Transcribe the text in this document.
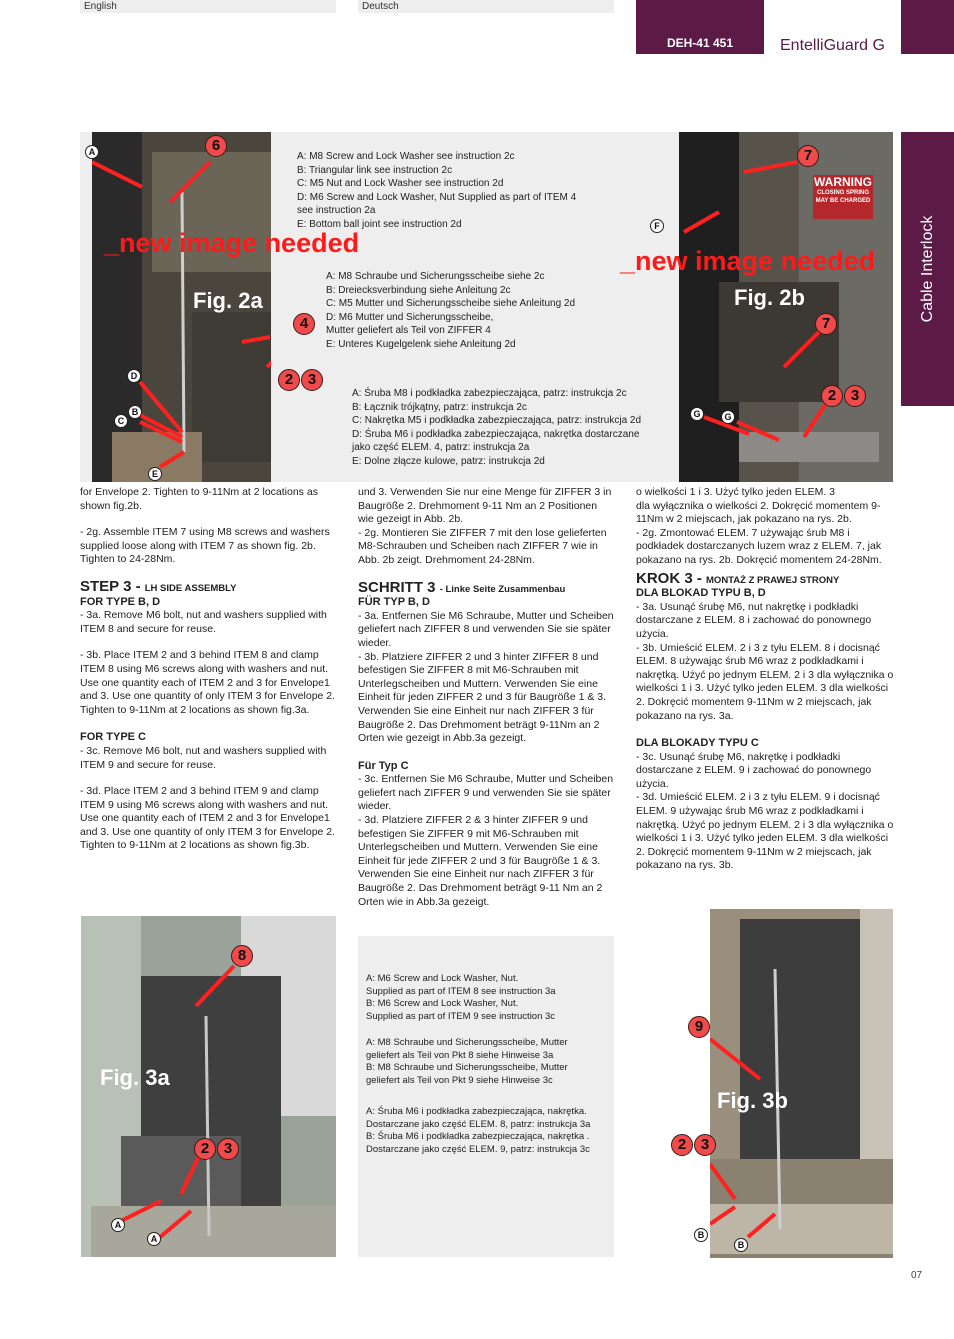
English	Deutsch
DEH-41 451	EntelliGuard G
Cable Interlock
_new image needed
Fig. 2a
6
4
2 3
A
D
B
C
E
A: M8 Screw and Lock Washer see instruction 2c
B: Triangular link see instruction 2c
C: M5 Nut and Lock Washer see instruction 2d
D: M6 Screw and Lock Washer, Nut Supplied as part of ITEM 4
see instruction 2a
E: Bottom ball joint see instruction 2d
A: M8 Schraube und Sicherungsscheibe siehe 2c
B: Dreiecksverbindung siehe Anleitung 2c
C: M5 Mutter und Sicherungsscheibe siehe Anleitung 2d
D: M6 Mutter und Sicherungsscheibe,
Mutter geliefert als Teil von ZIFFER 4
E: Unteres Kugelgelenk siehe Anleitung 2d
A: Śruba M8 i podkładka zabezpieczająca, patrz: instrukcja 2c
B: Łącznik trójkątny, patrz: instrukcja 2c
C: Nakrętka M5 i podkładka zabezpieczająca, patrz: instrukcja 2d
D: Śruba M6 i podkładka zabezpieczająca, nakrętka dostarczane
jako część ELEM. 4, patrz: instrukcja 2a
E: Dolne złącze kulowe, patrz: instrukcja 2d
WARNING
CLOSING SPRING MAY BE CHARGED
_new image needed
Fig. 2b
7
7
2 3
F
G	G

for Envelope 2. Tighten to 9-11Nm at 2 locations as shown fig.2b.

- 2g. Assemble ITEM 7 using M8 screws and washers supplied loose along with ITEM 7 as shown fig. 2b. Tighten to 24-28Nm.

STEP 3 - LH SIDE ASSEMBLY
FOR TYPE B, D

- 3a. Remove M6 bolt, nut and washers supplied with ITEM 8 and secure for reuse.

- 3b. Place ITEM 2 and 3 behind ITEM 8 and clamp ITEM 8 using M6 screws along with washers and nut. Use one quantity each of ITEM 2 and 3 for Envelope1 and 3. Use one quantity of only ITEM 3 for Envelope 2. Tighten to 9-11Nm at 2 locations as shown fig.3a.

FOR TYPE C

- 3c. Remove M6 bolt, nut and washers supplied with ITEM 9 and secure for reuse.

- 3d. Place ITEM 2 and 3 behind ITEM 9 and clamp ITEM 9 using M6 screws along with washers and nut. Use one quantity each of ITEM 2 and 3 for Envelope1 and 3. Use one quantity of only ITEM 3 for Envelope 2. Tighten to 9-11Nm at 2 locations as shown fig.3b.

und 3. Verwenden Sie nur eine Menge für ZIFFER 3 in Baugröße 2. Drehmoment 9-11 Nm an 2 Positionen wie gezeigt in Abb. 2b.
- 2g. Montieren Sie ZIFFER 7 mit den lose gelieferten M8-Schrauben und Scheiben nach ZIFFER 7 wie in Abb. 2b zeigt. Drehmoment 24-28Nm.

SCHRITT 3 - Linke Seite Zusammenbau
FÜR TYP B, D

- 3a. Entfernen Sie M6 Schraube, Mutter und Scheiben geliefert nach ZIFFER 8 und verwenden Sie sie später wieder.
- 3b. Platziere ZIFFER 2 und 3 hinter ZIFFER 8 und befestigen Sie ZIFFER 8 mit M6-Schrauben mit Unterlegscheiben und Muttern. Verwenden Sie eine Einheit für jeden ZIFFER 2 und 3 für Baugröße 1 & 3. Verwenden Sie eine Einheit nur nach ZIFFER 3 für Baugröße 2. Das Drehmoment beträgt 9-11Nm an 2 Orten wie gezeigt in Abb.3a gezeigt.

Für Typ C

- 3c. Entfernen Sie M6 Schraube, Mutter und Scheiben geliefert nach ZIFFER 9 und verwenden Sie sie später wieder.
- 3d. Platziere ZIFFER 2 & 3 hinter ZIFFER 9 und befestigen Sie ZIFFER 9 mit M6-Schrauben mit Unterlegscheiben und Muttern. Verwenden Sie eine Einheit für jede ZIFFER 2 und 3 für Baugröße 1 & 3. Verwenden Sie eine Einheit nur nach ZIFFER 3 für Baugröße 2. Das Drehmoment beträgt 9-11 Nm an 2 Orten wie in Abb.3a gezeigt.

o wielkości 1 i 3. Użyć tylko jeden ELEM. 3
dla wyłącznika o wielkości 2. Dokręcić momentem 9-11Nm w 2 miejscach, jak pokazano na rys. 2b.
- 2g. Zmontować ELEM. 7 używając śrub M8 i podkładek dostarczanych luzem wraz z ELEM. 7, jak pokazano na rys. 2b. Dokręcić momentem 24-28Nm.

KROK 3 - MONTAŻ Z PRAWEJ STRONY
DLA BLOKAD TYPU B, D

- 3a. Usunąć śrubę M6, nut nakrętkę i podkładki dostarczane z ELEM. 8 i zachować do ponownego użycia.
- 3b. Umieścić ELEM. 2 i 3 z tyłu ELEM. 8 i docisnąć ELEM. 8 używając śrub M6 wraz z podkładkami i nakrętką. Użyć po jednym ELEM. 2 i 3 dla wyłącznika o wielkości 1 i 3. Użyć tylko jeden ELEM. 3 dla wielkości 2. Dokręcić momentem 9-11Nm w 2 miejscach, jak pokazano na rys. 3a.

DLA BLOKADY TYPU C

- 3c. Usunąć śrubę M6, nakrętkę i podkładki dostarczane z ELEM. 9 i zachować do ponownego użycia.
- 3d. Umieścić ELEM. 2 i 3 z tyłu ELEM. 9 i docisnąć ELEM. 9 używając śrub M6 wraz z podkładkami i nakrętką. Użyć po jednym ELEM. 2 i 3 dla wyłącznika o wielkości 1 i 3. Użyć tylko jeden ELEM. 3 dla wielkości 2. Dokręcić momentem 9-11Nm w 2 miejscach, jak pokazano na rys. 3b.

Fig. 3a
8
2 3
A
A
A: M6 Screw and Lock Washer, Nut.
Supplied as part of ITEM 8 see instruction 3a
B: M6 Screw and Lock Washer, Nut.
Supplied as part of ITEM 9 see instruction 3c
A: M8 Schraube und Sicherungsscheibe, Mutter
geliefert als Teil von Pkt 8 siehe Hinweise 3a
B: M8 Schraube und Sicherungsscheibe, Mutter
geliefert als Teil von Pkt 9 siehe Hinweise 3c
A: Śruba M6 i podkładka zabezpieczająca, nakrętka.
Dostarczane jako część ELEM. 8, patrz: instrukcja 3a
B: Śruba M6 i podkładka zabezpieczająca, nakrętka .
Dostarczane jako część ELEM. 9, patrz: instrukcja 3c
Fig. 3b
9
2 3
B
B
07
